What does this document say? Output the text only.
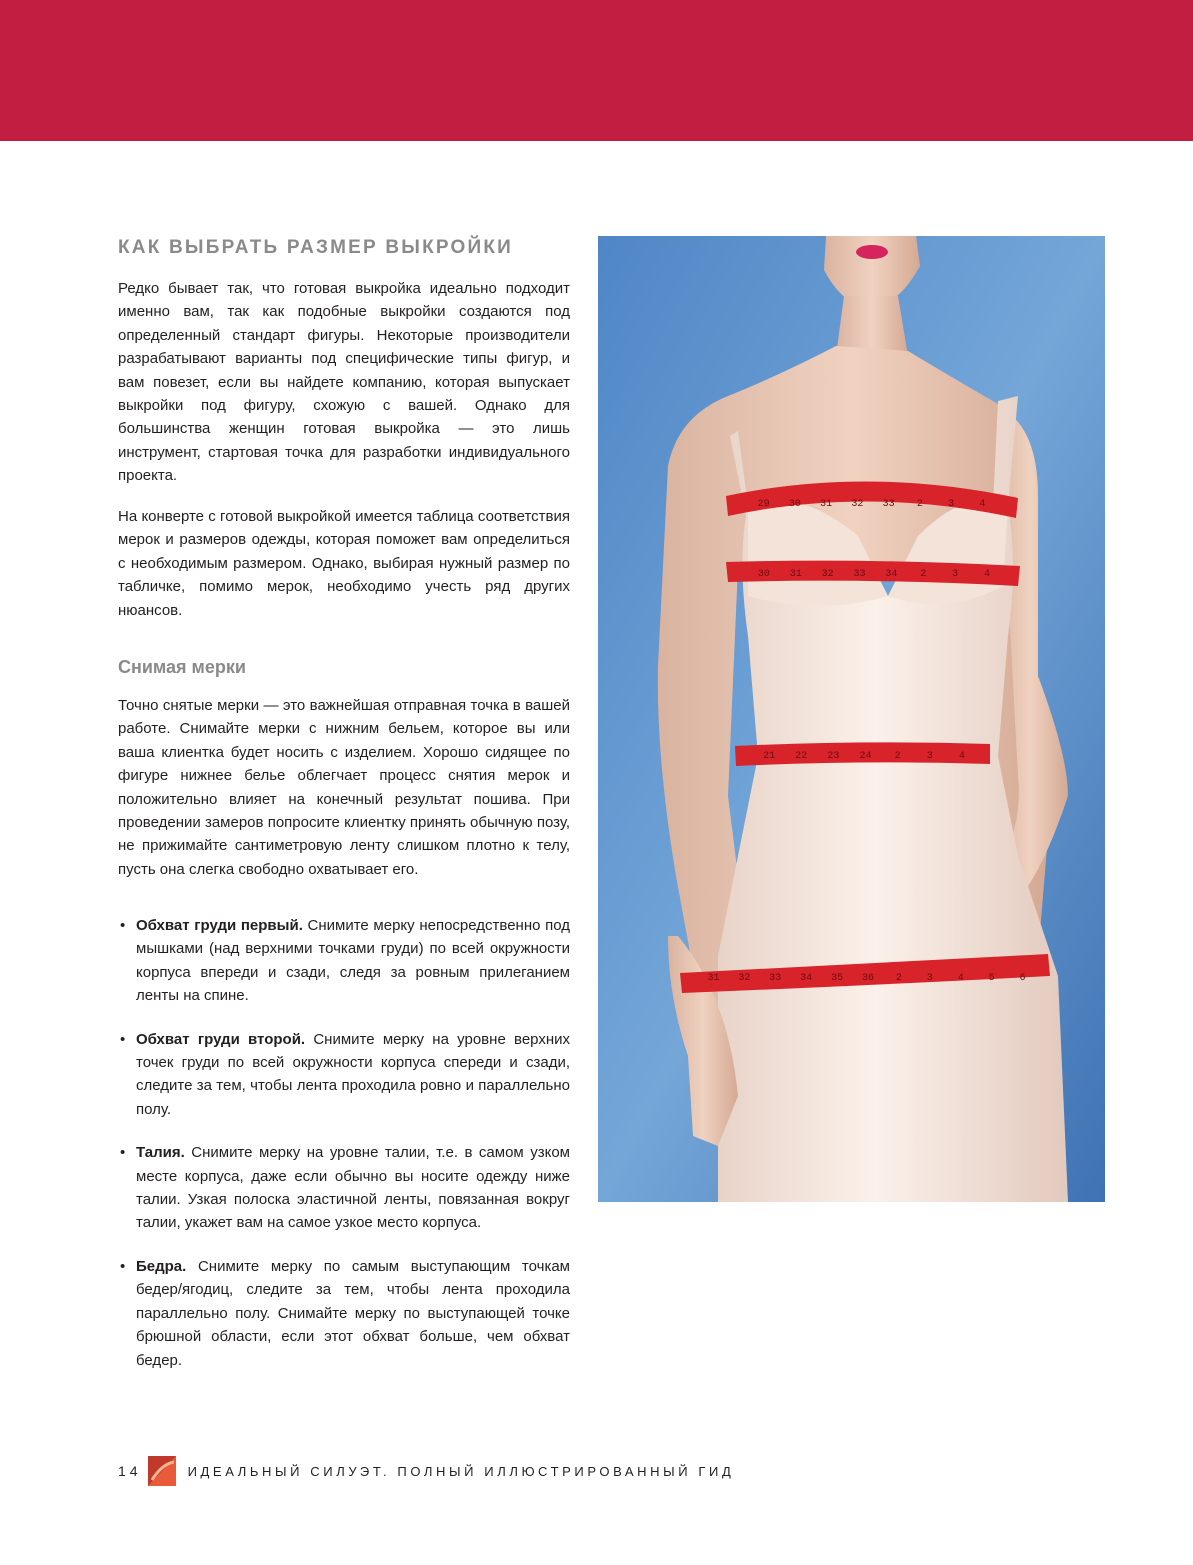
КАК ВЫБРАТЬ РАЗМЕР ВЫКРОЙКИ

Редко бывает так, что готовая выкройка идеально подходит именно вам, так как подобные выкройки создаются под определенный стандарт фигуры. Некоторые производители разрабатывают варианты под специфические типы фигур, и вам повезет, если вы найдете компанию, которая выпускает выкройки под фигуру, схожую с вашей. Однако для большинства женщин готовая выкройка — это лишь инструмент, стартовая точка для разработки индивидуального проекта.

На конверте с готовой выкройкой имеется таблица соответствия мерок и размеров одежды, которая поможет вам определиться с необходимым размером. Однако, выбирая нужный размер по табличке, помимо мерок, необходимо учесть ряд других нюансов.

Снимая мерки

Точно снятые мерки — это важнейшая отправная точка в вашей работе. Снимайте мерки с нижним бельем, которое вы или ваша клиентка будет носить с изделием. Хорошо сидящее по фигуре нижнее белье облегчает процесс снятия мерок и положительно влияет на конечный результат пошива. При проведении замеров попросите клиентку принять обычную позу, не прижимайте сантиметровую ленту слишком плотно к телу, пусть она слегка свободно охватывает его.

• Обхват груди первый. Снимите мерку непосредственно под мышками (над верхними точками груди) по всей окружности корпуса впереди и сзади, следя за ровным прилеганием ленты на спине.
• Обхват груди второй. Снимите мерку на уровне верхних точек груди по всей окружности корпуса спереди и сзади, следите за тем, чтобы лента проходила ровно и параллельно полу.
• Талия. Снимите мерку на уровне талии, т.е. в самом узком месте корпуса, даже если обычно вы носите одежду ниже талии. Узкая полоска эластичной ленты, повязанная вокруг талии, укажет вам на самое узкое место корпуса.
• Бедра. Снимите мерку по самым выступающим точкам бедер/ягодиц, следите за тем, чтобы лента проходила параллельно полу. Снимайте мерку по выступающей точке брюшной области, если этот обхват больше, чем обхват бедер.
29 30 31 32 33 2	3	4
30 31 32 33 34 2	3	4
21 22 23 24 2	3	4
31 32 33 34 35 36 2 3 4 5 6
14	ИДЕАЛЬНЫЙ СИЛУЭТ. ПОЛНЫЙ ИЛЛЮСТРИРОВАННЫЙ ГИД
